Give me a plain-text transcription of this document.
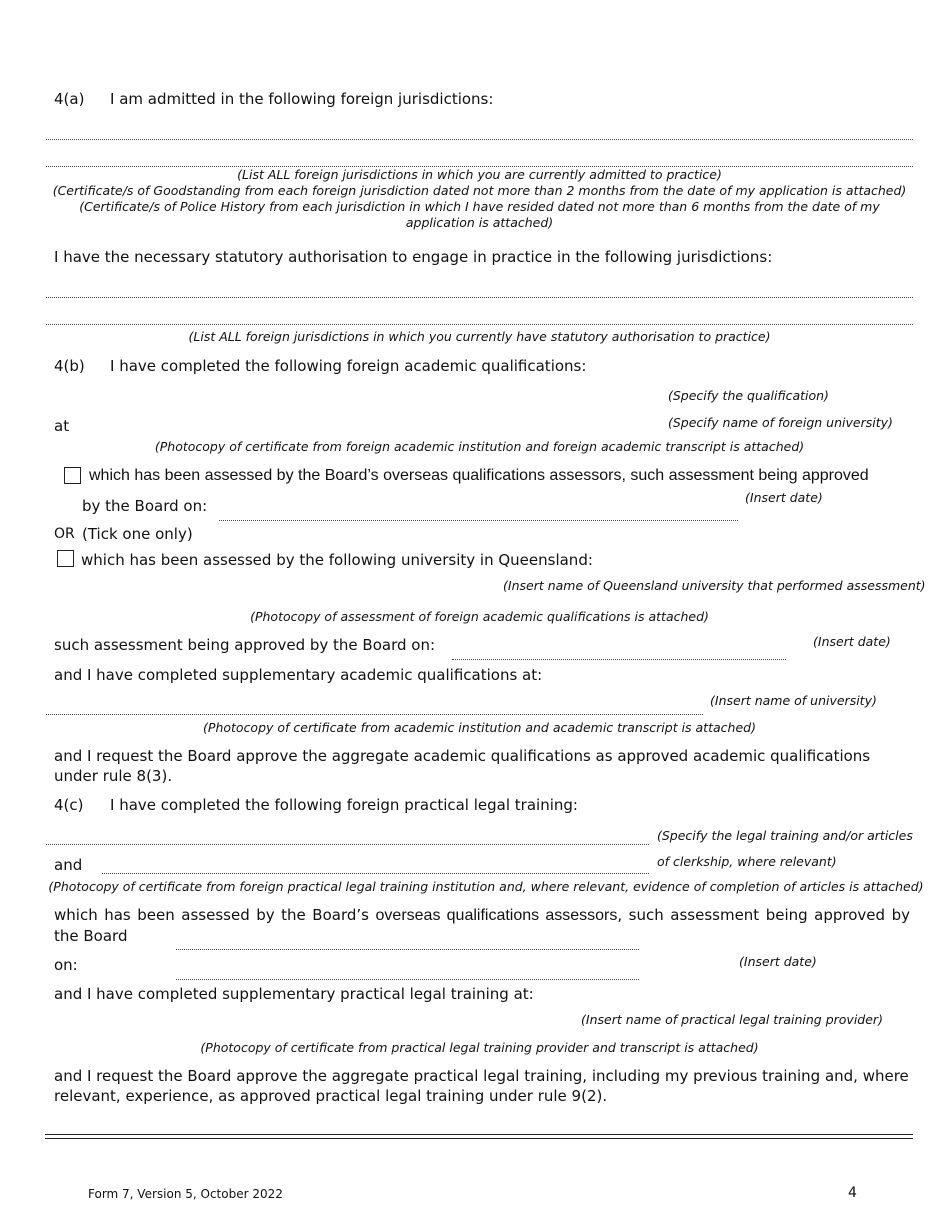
4(a) I am admitted in the following foreign jurisdictions:
(List ALL foreign jurisdictions in which you are currently admitted to practice)
(Certificate/s of Goodstanding from each foreign jurisdiction dated not more than 2 months from the date of my application is attached)
(Certificate/s of Police History from each jurisdiction in which I have resided dated not more than 6 months from the date of my application is attached)
I have the necessary statutory authorisation to engage in practice in the following jurisdictions:
(List ALL foreign jurisdictions in which you currently have statutory authorisation to practice)
4(b) I have completed the following foreign academic qualifications:
(Specify the qualification)
at	(Specify name of foreign university)
(Photocopy of certificate from foreign academic institution and foreign academic transcript is attached)
which has been assessed by the Board’s overseas qualifications assessors, such assessment being approved
by the Board on:	(Insert date)
OR (Tick one only)
which has been assessed by the following university in Queensland:
(Insert name of Queensland university that performed assessment)
(Photocopy of assessment of foreign academic qualifications is attached)
such assessment being approved by the Board on:	(Insert date)
and I have completed supplementary academic qualifications at:
(Insert name of university)
(Photocopy of certificate from academic institution and academic transcript is attached)
and I request the Board approve the aggregate academic qualifications as approved academic qualifications under rule 8(3).
4(c) I have completed the following foreign practical legal training:
(Specify the legal training and/or articles
and	of clerkship, where relevant)
(Photocopy of certificate from foreign practical legal training institution and, where relevant, evidence of completion of articles is attached)
which has been assessed by the Board’s overseas qualifications assessors, such assessment being approved by the Board
on:	(Insert date)
and I have completed supplementary practical legal training at:
(Insert name of practical legal training provider)
(Photocopy of certificate from practical legal training provider and transcript is attached)
and I request the Board approve the aggregate practical legal training, including my previous training and, where relevant, experience, as approved practical legal training under rule 9(2).
Form 7, Version 5, October 2022	4
